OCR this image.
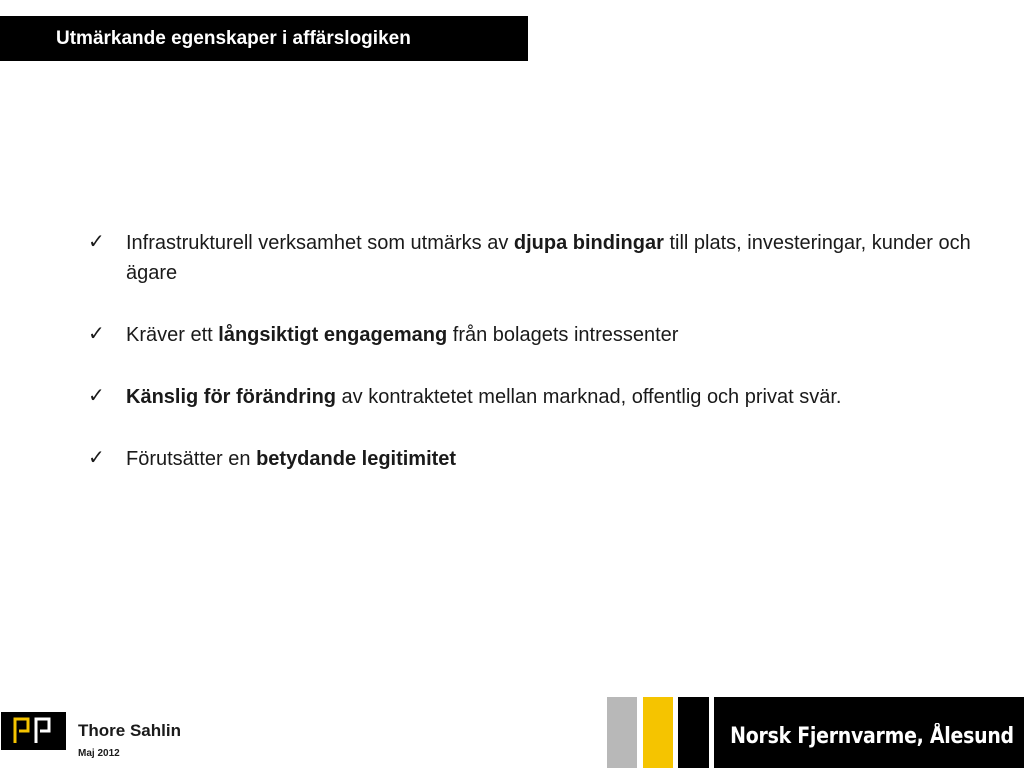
Utmärkande egenskaper i affärslogiken
✓ Infrastrukturell verksamhet som utmärks av djupa bindingar till plats, investeringar, kunder och ägare
✓ Kräver ett långsiktigt engagemang från bolagets intressenter
✓ Känslig för förändring av kontraktetet mellan marknad, offentlig och privat svär.
✓ Förutsätter en betydande legitimitet
Thore Sahlin
Maj 2012
Norsk Fjernvarme, Ålesund
